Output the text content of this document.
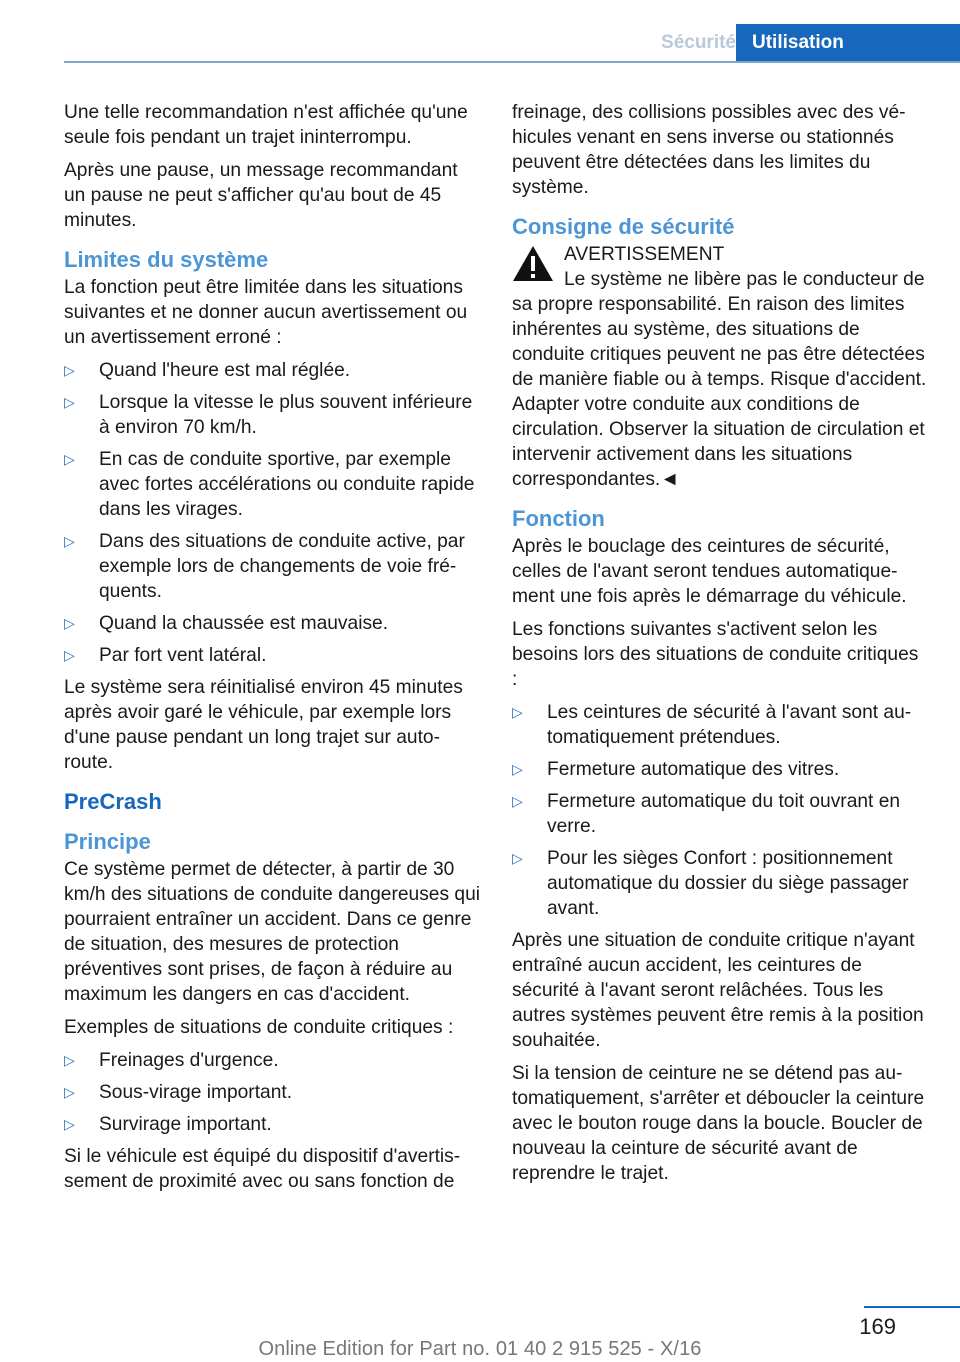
Sécurité Utilisation

Une telle recommandation n'est affichée qu'une seule fois pendant un trajet ininterrompu.

Après une pause, un message recommandant un pause ne peut s'afficher qu'au bout de 45 minutes.

Limites du système

La fonction peut être limitée dans les situations suivantes et ne donner aucun avertissement ou un avertissement erroné :

▷ Quand l'heure est mal réglée.
▷ Lorsque la vitesse le plus souvent inférieure à environ 70 km/h.
▷ En cas de conduite sportive, par exemple avec fortes accélérations ou conduite rapide dans les virages.
▷ Dans des situations de conduite active, par exemple lors de changements de voie fréquents.
▷ Quand la chaussée est mauvaise.
▷ Par fort vent latéral.

Le système sera réinitialisé environ 45 minutes après avoir garé le véhicule, par exemple lors d'une pause pendant un long trajet sur autoroute.

PreCrash
Principe

Ce système permet de détecter, à partir de 30 km/h des situations de conduite dangereuses qui pourraient entraîner un accident. Dans ce genre de situation, des mesures de protection préventives sont prises, de façon à réduire au maximum les dangers en cas d'accident.

Exemples de situations de conduite critiques :

▷ Freinages d'urgence.
▷ Sous-virage important.
▷ Survirage important.

Si le véhicule est équipé du dispositif d'avertissement de proximité avec ou sans fonction de

freinage, des collisions possibles avec des véhicules venant en sens inverse ou stationnés peuvent être détectées dans les limites du système.

Consigne de sécurité
AVERTISSEMENT
Le système ne libère pas le conducteur de sa propre responsabilité. En raison des limites inhérentes au système, des situations de conduite critiques peuvent ne pas être détectées de manière fiable ou à temps. Risque d'accident. Adapter votre conduite aux conditions de circulation. Observer la situation de circulation et intervenir activement dans les situations correspondantes.◄
Fonction

Après le bouclage des ceintures de sécurité, celles de l'avant seront tendues automatiquement une fois après le démarrage du véhicule.

Les fonctions suivantes s'activent selon les besoins lors des situations de conduite critiques :

▷ Les ceintures de sécurité à l'avant sont automatiquement prétendues.
▷ Fermeture automatique des vitres.
▷ Fermeture automatique du toit ouvrant en verre.
▷ Pour les sièges Confort : positionnement automatique du dossier du siège passager avant.

Après une situation de conduite critique n'ayant entraîné aucun accident, les ceintures de sécurité à l'avant seront relâchées. Tous les autres systèmes peuvent être remis à la position souhaitée.

Si la tension de ceinture ne se détend pas automatiquement, s'arrêter et déboucler la ceinture avec le bouton rouge dans la boucle. Boucler de nouveau la ceinture de sécurité avant de reprendre le trajet.

169
Online Edition for Part no. 01 40 2 915 525 - X/16
